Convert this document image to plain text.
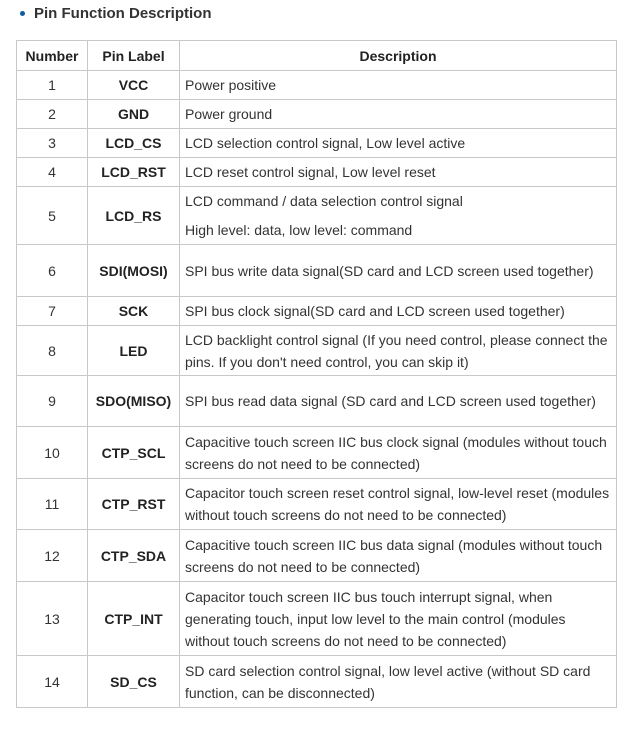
Pin Function Description
Number	Pin Label	Description
1	VCC	Power positive

2	GND	Power ground

3	LCD_CS	LCD selection control signal, Low level active

4	LCD_RST	LCD reset control signal, Low level reset

5	LCD_RS	LCD command / data selection control signal
High level: data, low level: command

6	SDI(MOSI)	SPI bus write data signal(SD card and LCD screen used together)

7	SCK	SPI bus clock signal(SD card and LCD screen used together)

8	LED	LCD backlight control signal (If you need control, please connect the pins. If you don't need control, you can skip it)

9	SDO(MISO)	SPI bus read data signal (SD card and LCD screen used together)

10	CTP_SCL	Capacitive touch screen IIC bus clock signal (modules without touch screens do not need to be connected)

11	CTP_RST	Capacitor touch screen reset control signal, low-level reset (modules without touch screens do not need to be connected)

12	CTP_SDA	Capacitive touch screen IIC bus data signal (modules without touch screens do not need to be connected)

13	CTP_INT	Capacitor touch screen IIC bus touch interrupt signal, when generating touch, input low level to the main control (modules without touch screens do not need to be connected)

14	SD_CS	SD card selection control signal, low level active (without SD card function, can be disconnected)
